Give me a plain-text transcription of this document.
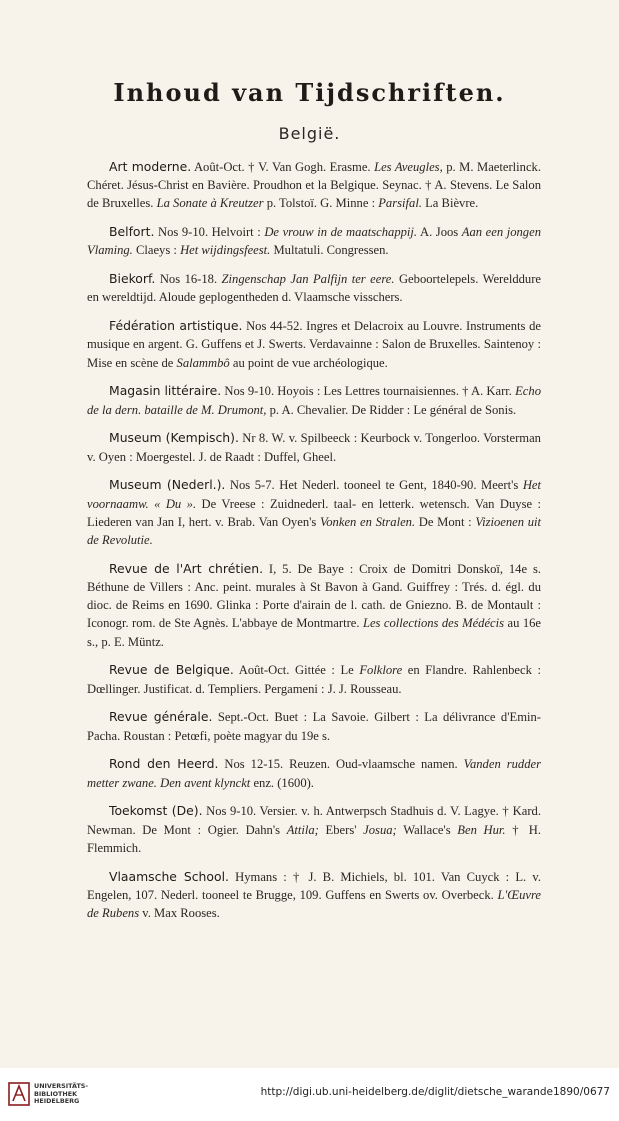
Inhoud van Tijdschriften.
België.

Art moderne. Août-Oct. † V. Van Gogh. Erasme. Les Aveugles, p. M. Maeterlinck. Chéret. Jésus-Christ en Bavière. Proudhon et la Belgique. Seynac. † A. Stevens. Le Salon de Bruxelles. La Sonate à Kreutzer p. Tolstoï. G. Minne : Parsifal. La Bièvre.

Belfort. Nos 9-10. Helvoirt : De vrouw in de maatschappij. A. Joos Aan een jongen Vlaming. Claeys : Het wijdingsfeest. Multatuli. Congressen.

Biekorf. Nos 16-18. Zingenschap Jan Palfijn ter eere. Geboortelepels. Werelddure en wereldtijd. Aloude geplogentheden d. Vlaamsche visschers.

Fédération artistique. Nos 44-52. Ingres et Delacroix au Louvre. Instruments de musique en argent. G. Guffens et J. Swerts. Verdavainne : Salon de Bruxelles. Saintenoy : Mise en scène de Salammbô au point de vue archéologique.

Magasin littéraire. Nos 9-10. Hoyois : Les Lettres tournaisiennes. † A. Karr. Echo de la dern. bataille de M. Drumont, p. A. Chevalier. De Ridder : Le général de Sonis.

Museum (Kempisch). Nr 8. W. v. Spilbeeck : Keurbock v. Tongerloo. Vorsterman v. Oyen : Moergestel. J. de Raadt : Duffel, Gheel.

Museum (Nederl.). Nos 5-7. Het Nederl. tooneel te Gent, 1840-90. Meert's Het voornaamw. « Du ». De Vreese : Zuidnederl. taal- en letterk. wetensch. Van Duyse : Liederen van Jan I, hert. v. Brab. Van Oyen's Vonken en Stralen. De Mont : Vizioenen uit de Revolutie.

Revue de l'Art chrétien. I, 5. De Baye : Croix de Domitri Donskoï, 14e s. Béthune de Villers : Anc. peint. murales à St Bavon à Gand. Guiffrey : Trés. d. égl. du dioc. de Reims en 1690. Glinka : Porte d'airain de l. cath. de Gniezno. B. de Montault : Iconogr. rom. de Ste Agnès. L'abbaye de Montmartre. Les collections des Médécis au 16e s., p. E. Müntz.

Revue de Belgique. Août-Oct. Gittée : Le Folklore en Flandre. Rahlenbeck : Dœllinger. Justificat. d. Templiers. Pergameni : J. J. Rousseau.

Revue générale. Sept.-Oct. Buet : La Savoie. Gilbert : La délivrance d'Emin-Pacha. Roustan : Petœfi, poète magyar du 19e s.

Rond den Heerd. Nos 12-15. Reuzen. Oud-vlaamsche namen. Vanden rudder metter zwane. Den avent klynckt enz. (1600).

Toekomst (De). Nos 9-10. Versier. v. h. Antwerpsch Stadhuis d. V. Lagye. † Kard. Newman. De Mont : Ogier. Dahn's Attila; Ebers' Josua; Wallace's Ben Hur. † H. Flemmich.

Vlaamsche School. Hymans : † J. B. Michiels, bl. 101. Van Cuyck : L. v. Engelen, 107. Nederl. tooneel te Brugge, 109. Guffens en Swerts ov. Overbeck. L'Œuvre de Rubens v. Max Rooses.

UNIVERSITÄTS-
BIBLIOTHEK
HEIDELBERG
http://digi.ub.uni-heidelberg.de/diglit/dietsche_warande1890/0677
